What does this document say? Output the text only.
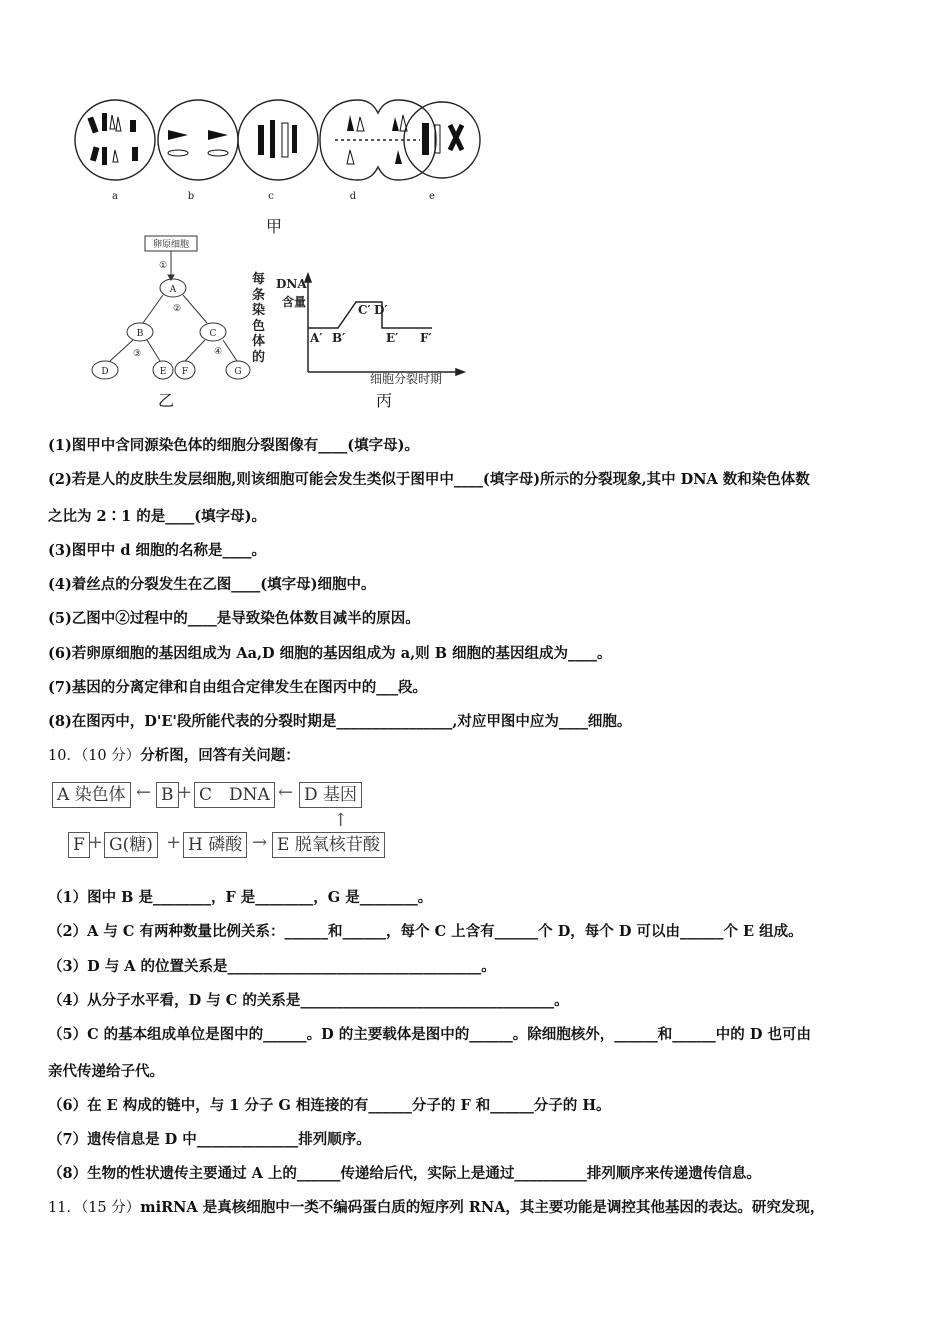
a	b	c	d	e
甲
卵原细胞
①
②
③	④
A
B	C
D	E F	G
乙
每条染色体的
DNA
含量
A′ B′
C′ D′
E′ F′
细胞分裂时期
丙
(1)图甲中含同源染色体的细胞分裂图像有____(填字母)。
(2)若是人的皮肤生发层细胞,则该细胞可能会发生类似于图甲中____(填字母)所示的分裂现象,其中 DNA 数和染色体数
之比为 2∶1 的是____(填字母)。
(3)图甲中 d 细胞的名称是____。
(4)着丝点的分裂发生在乙图____(填字母)细胞中。
(5)乙图中②过程中的____是导致染色体数目减半的原因。
(6)若卵原细胞的基因组成为 Aa,D 细胞的基因组成为 a,则 B 细胞的基因组成为____。
(7)基因的分离定律和自由组合定律发生在图丙中的___段。
(8)在图丙中，D'E'段所能代表的分裂时期是________________,对应甲图中应为____细胞。
10．（10 分）分析图，回答有关问题：
A 染色体 ← B + C　DNA ← D 基因
↑
F + G(糖) + H 磷酸 → E 脱氧核苷酸
（1）图中 B 是________，F 是________，G 是________。
（2）A 与 C 有两种数量比例关系：______和______，每个 C 上含有______个 D，每个 D 可以由______个 E 组成。
（3）D 与 A 的位置关系是___________________________________。
（4）从分子水平看，D 与 C 的关系是___________________________________。
（5）C 的基本组成单位是图中的______。D 的主要载体是图中的______。除细胞核外，______和______中的 D 也可由
亲代传递给子代。
（6）在 E 构成的链中，与 1 分子 G 相连接的有______分子的 F 和______分子的 H。
（7）遗传信息是 D 中______________排列顺序。
（8）生物的性状遗传主要通过 A 上的______传递给后代，实际上是通过__________排列顺序来传递遗传信息。
11．（15 分）miRNA 是真核细胞中一类不编码蛋白质的短序列 RNA，其主要功能是调控其他基因的表达。研究发现，
